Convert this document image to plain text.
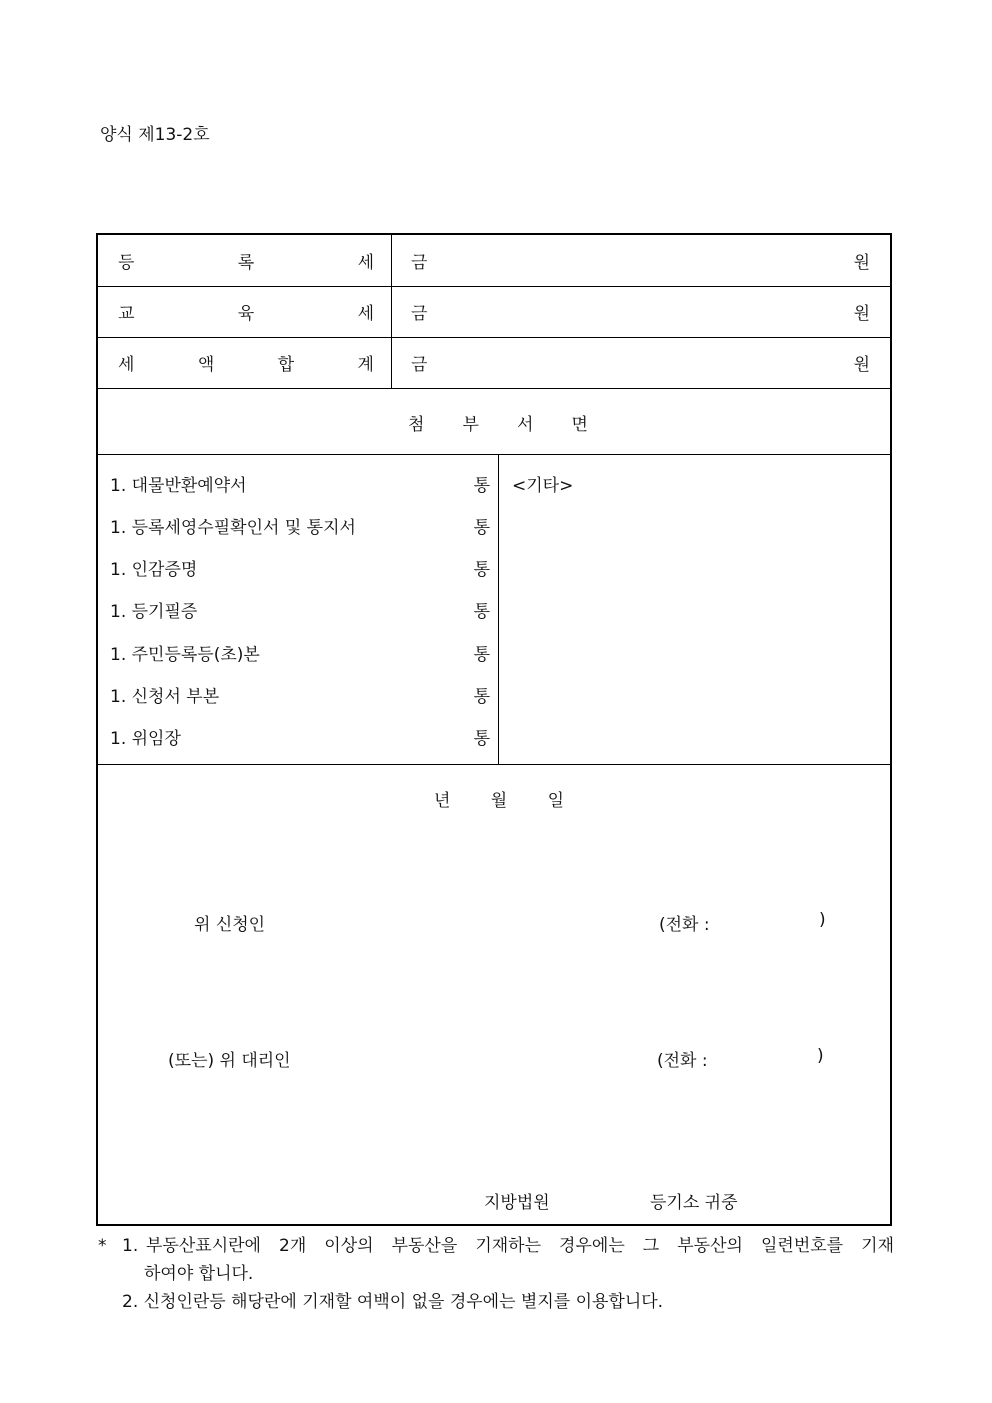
양식 제13-2호
등	록	세 금	원
교	육	세 금	원
세	액	합	계 금	원
첨 부 서 면
1. 대물반환예약서	통
1. 등록세영수필확인서 및 통지서	통
1. 인감증명	통
1. 등기필증	통
1. 주민등록등(초)본	통
1. 신청서 부본	통
1. 위임장	통
<기타>
년 월 일
위 신청인	(전화 :	)
(또는) 위 대리인	(전화 :	)
지방법원	등기소 귀중
* 1. 부동산표시란에 2개 이상의 부동산을 기재하는 경우에는 그 부동산의 일련번호를 기재
하여야 합니다.
2. 신청인란등 해당란에 기재할 여백이 없을 경우에는 별지를 이용합니다.
